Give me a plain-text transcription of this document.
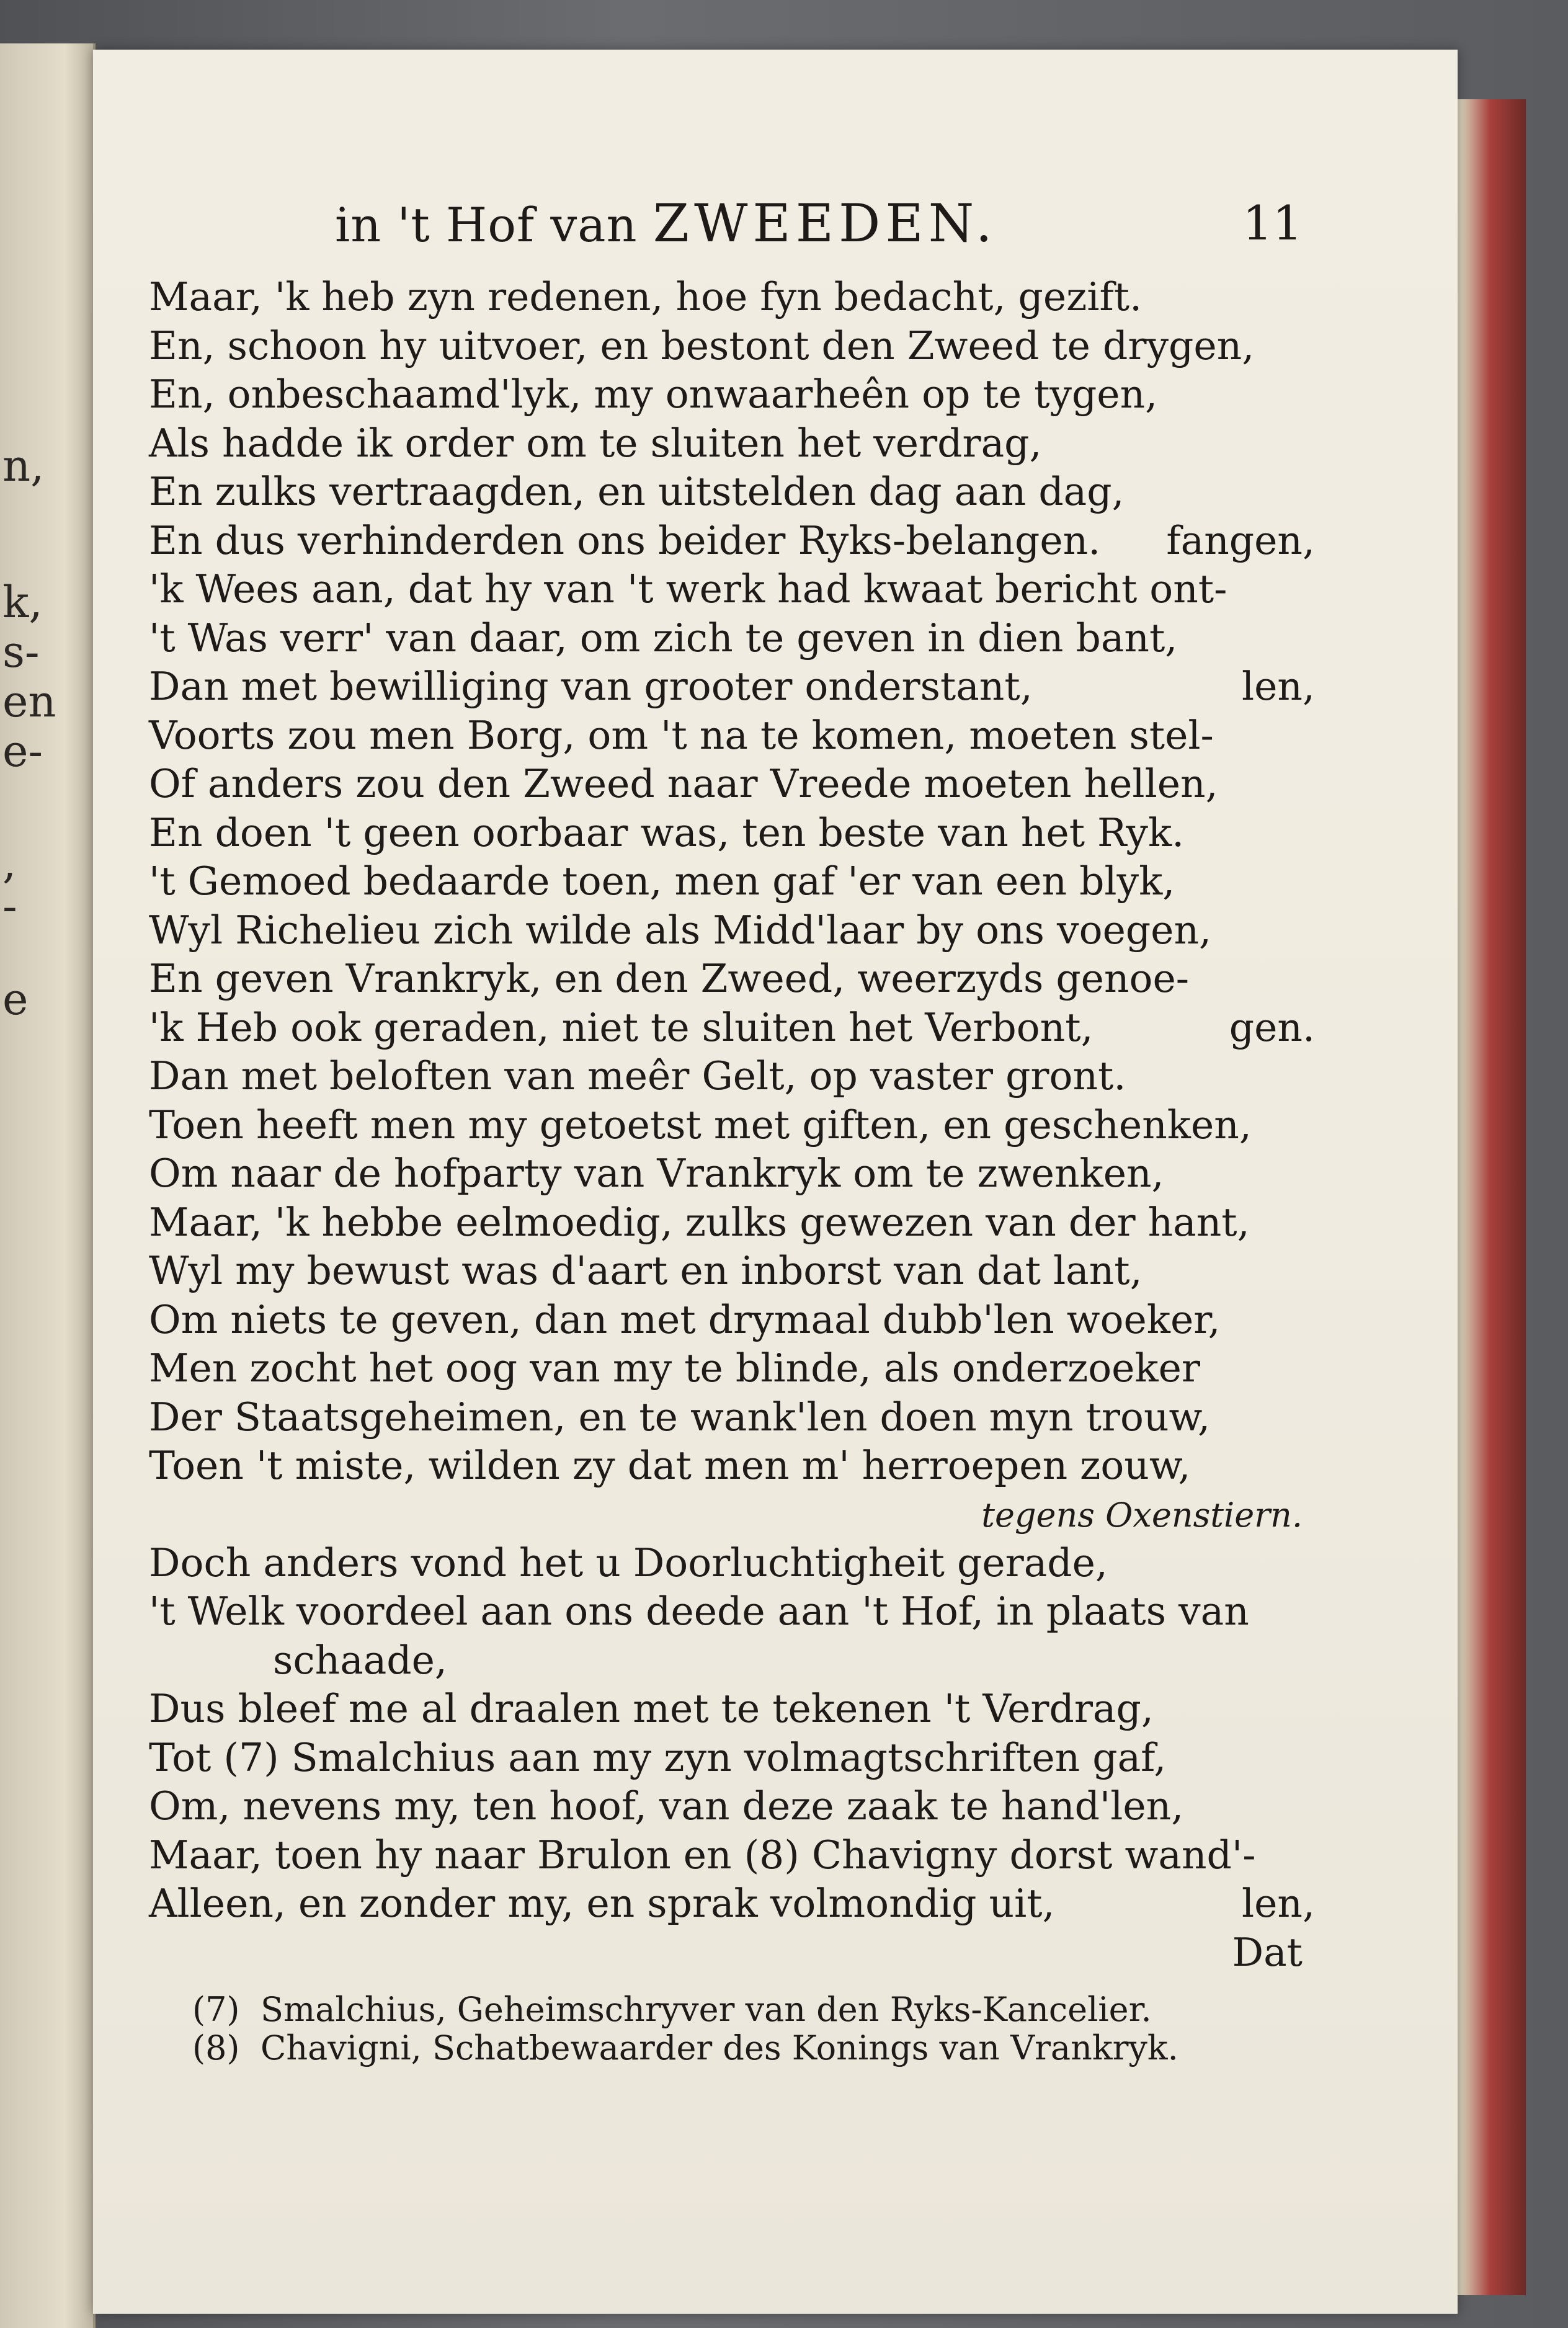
n,
k,
s-
en
e-
,
-
e
in 't Hof van ZWEEDEN.	11
Maar, 'k heb zyn redenen, hoe fyn bedacht, gezift.
En, schoon hy uitvoer, en bestont den Zweed te drygen,
En, onbeschaamd'lyk, my onwaarheên op te tygen,
Als hadde ik order om te sluiten het verdrag,
En zulks vertraagden, en uitstelden dag aan dag,
En dus verhinderden ons beider Ryks-belangen. fangen,
'k Wees aan, dat hy van 't werk had kwaat bericht ont-
't Was verr' van daar, om zich te geven in dien bant,
Dan met bewilliging van grooter onderstant,	len,
Voorts zou men Borg, om 't na te komen, moeten stel-
Of anders zou den Zweed naar Vreede moeten hellen,
En doen 't geen oorbaar was, ten beste van het Ryk.
't Gemoed bedaarde toen, men gaf 'er van een blyk,
Wyl Richelieu zich wilde als Midd'laar by ons voegen,
En geven Vrankryk, en den Zweed, weerzyds genoe-
'k Heb ook geraden, niet te sluiten het Verbont,	gen.
Dan met beloften van meêr Gelt, op vaster gront.
Toen heeft men my getoetst met giften, en geschenken,
Om naar de hofparty van Vrankryk om te zwenken,
Maar, 'k hebbe eelmoedig, zulks gewezen van der hant,
Wyl my bewust was d'aart en inborst van dat lant,
Om niets te geven, dan met drymaal dubb'len woeker,
Men zocht het oog van my te blinde, als onderzoeker
Der Staatsgeheimen, en te wank'len doen myn trouw,
Toen 't miste, wilden zy dat men m' herroepen zouw,
tegens Oxenstiern.
Doch anders vond het u Doorluchtigheit gerade,
't Welk voordeel aan ons deede aan 't Hof, in plaats van
schaade,
Dus bleef me al draalen met te tekenen 't Verdrag,
Tot (7) Smalchius aan my zyn volmagtschriften gaf,
Om, nevens my, ten hoof, van deze zaak te hand'len,
Maar, toen hy naar Brulon en (8) Chavigny dorst wand'-
Alleen, en zonder my, en sprak volmondig uit,	len,
Dat
(7) Smalchius, Geheimschryver van den Ryks-Kancelier.
(8) Chavigni, Schatbewaarder des Konings van Vrankryk.
